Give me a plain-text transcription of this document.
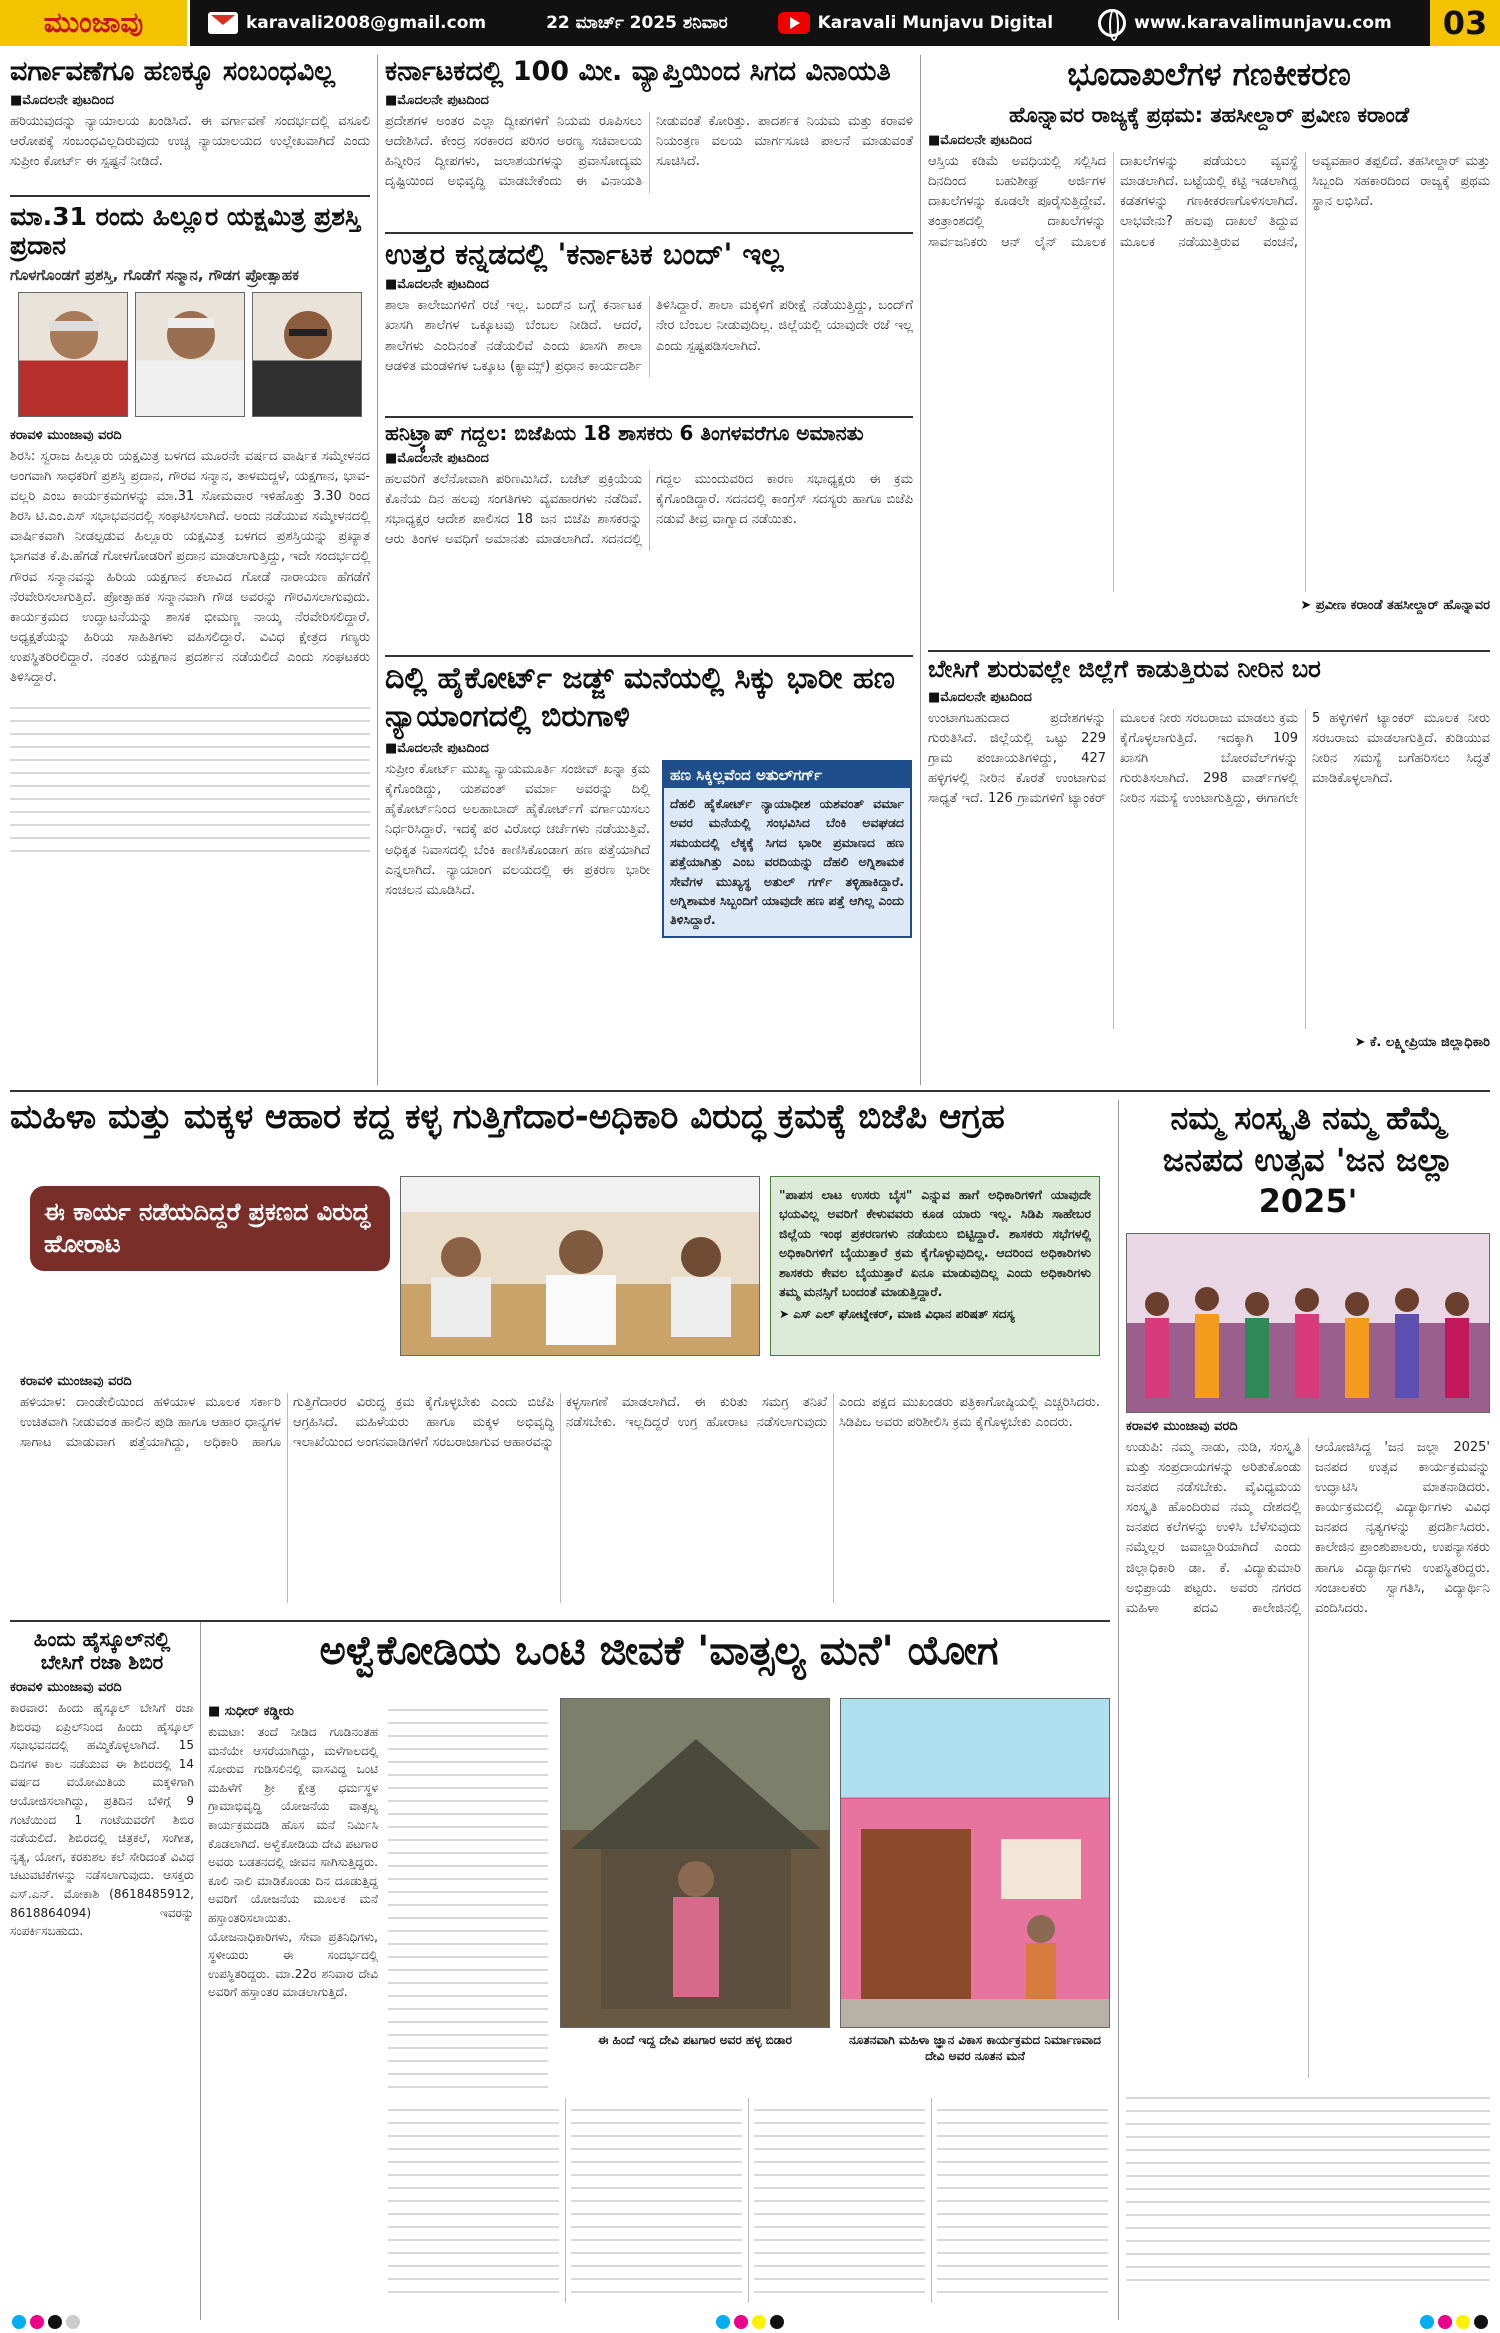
ಮುಂಜಾವು	karavali2008@gmail.com	22 ಮಾರ್ಚ್ 2025 ಶನಿವಾರ	Karavali Munjavu Digital	www.karavalimunjavu.com	03
ವರ್ಗಾವಣೆಗೂ ಹಣಕ್ಕೂ ಸಂಬಂಧವಿಲ್ಲ
■ಮೊದಲನೇ ಪುಟದಿಂದ
ಹರಿಯುವುದನ್ನು ನ್ಯಾಯಾಲಯ ಖಂಡಿಸಿದೆ. ಈ ವರ್ಗಾವಣೆ ಸಂದರ್ಭದಲ್ಲಿ ವಸೂಲಿ ಆರೋಪಕ್ಕೆ ಸಂಬಂಧವಿಲ್ಲದಿರುವುದು ಉಚ್ಚ ನ್ಯಾಯಾಲಯದ ಉಲ್ಲೇಖವಾಗಿದೆ ಎಂದು ಸುಪ್ರೀಂ ಕೋರ್ಟ್‌ ಈ ಸ್ಪಷ್ಟನೆ ನೀಡಿದೆ.
ಮಾ.31 ರಂದು ಹಿಲ್ಲೂರ ಯಕ್ಷಮಿತ್ರ ಪ್ರಶಸ್ತಿ ಪ್ರದಾನ
ಗೊಳಗೊಂಡಗೆ ಪ್ರಶಸ್ತಿ, ಗೊಡೆಗೆ ಸನ್ಮಾನ, ಗೌಡಗ ಪ್ರೋತ್ಸಾಹಕ
ಕರಾವಳಿ ಮುಂಜಾವು ವರದಿ
ಶಿರಸಿ: ಸ್ವರಾಜ ಹಿಲ್ಲೂರು ಯಕ್ಷಮಿತ್ರ ಬಳಗದ ಮೂರನೇ ವರ್ಷದ ವಾರ್ಷಿಕ ಸಮ್ಮೇಳನದ ಅಂಗವಾಗಿ ಸಾಧಕರಿಗೆ ಪ್ರಶಸ್ತಿ ಪ್ರದಾನ, ಗೌರವ ಸನ್ಮಾನ, ತಾಳಮದ್ದಳೆ, ಯಕ್ಷಗಾನ, ಭಾವ-ವಲ್ಲರಿ ಎಂಬ ಕಾರ್ಯಕ್ರಮಗಳನ್ನು ಮಾ.31 ಸೋಮವಾರ ಇಳಿಹೊತ್ತು 3.30 ರಿಂದ ಶಿರಸಿ ಟಿ.ಎಂ.ಎಸ್ ಸಭಾಭವನದಲ್ಲಿ ಸಂಘಟಿಸಲಾಗಿದೆ. ಅಂದು ನಡೆಯುವ ಸಮ್ಮೇಳನದಲ್ಲಿ ವಾರ್ಷಿಕವಾಗಿ ನೀಡಲ್ಪಡುವ ಹಿಲ್ಲೂರು ಯಕ್ಷಮಿತ್ರ ಬಳಗದ ಪ್ರಶಸ್ತಿಯನ್ನು ಪ್ರಖ್ಯಾತ ಭಾಗವತ ಕೆ.ಪಿ.ಹೆಗಡೆ ಗೋಳಗೋಡರಿಗೆ ಪ್ರದಾನ ಮಾಡಲಾಗುತ್ತಿದ್ದು, ಇದೇ ಸಂದರ್ಭದಲ್ಲಿ ಗೌರವ ಸನ್ಮಾನವನ್ನು ಹಿರಿಯ ಯಕ್ಷಗಾನ ಕಲಾವಿದ ಗೋಡೆ ನಾರಾಯಣ ಹೆಗಡೆಗೆ ನೆರವೇರಿಸಲಾಗುತ್ತಿದೆ. ಪ್ರೋತ್ಸಾಹಕ ಸನ್ಮಾನವಾಗಿ ಗೌಡ ಅವರನ್ನು ಗೌರವಿಸಲಾಗುವುದು. ಕಾರ್ಯಕ್ರಮದ ಉದ್ಘಾಟನೆಯನ್ನು ಶಾಸಕ ಭೀಮಣ್ಣ ನಾಯ್ಕ ನೆರವೇರಿಸಲಿದ್ದಾರೆ. ಅಧ್ಯಕ್ಷತೆಯನ್ನು ಹಿರಿಯ ಸಾಹಿತಿಗಳು ವಹಿಸಲಿದ್ದಾರೆ. ವಿವಿಧ ಕ್ಷೇತ್ರದ ಗಣ್ಯರು ಉಪಸ್ಥಿತರಿರಲಿದ್ದಾರೆ. ನಂತರ ಯಕ್ಷಗಾನ ಪ್ರದರ್ಶನ ನಡೆಯಲಿದೆ ಎಂದು ಸಂಘಟಕರು ತಿಳಿಸಿದ್ದಾರೆ.
ಕರ್ನಾಟಕದಲ್ಲಿ 100 ಮೀ. ವ್ಯಾಪ್ತಿಯಿಂದ ಸಿಗದ ವಿನಾಯತಿ
■ಮೊದಲನೇ ಪುಟದಿಂದ
ಪ್ರದೇಶಗಳ ಅಂತರ ಎಲ್ಲಾ ದ್ವೀಪಗಳಿಗೆ ನಿಯಮ ರೂಪಿಸಲು ಆದೇಶಿಸಿದೆ. ಕೇಂದ್ರ ಸರಕಾರದ ಪರಿಸರ ಅರಣ್ಯ ಸಚಿವಾಲಯ ಹಿನ್ನೀರಿನ ದ್ವೀಪಗಳು, ಜಲಾಶಯಗಳನ್ನು ಪ್ರವಾಸೋದ್ಯಮ ದೃಷ್ಟಿಯಿಂದ ಅಭಿವೃದ್ಧಿ ಮಾಡಬೇಕೆಂದು ಈ ವಿನಾಯತಿ ನೀಡುವಂತೆ ಕೋರಿತ್ತು. ಪಾದರ್ಶಕ ನಿಯಮ ಮತ್ತು ಕರಾವಳಿ ನಿಯಂತ್ರಣ ವಲಯ ಮಾರ್ಗಸೂಚಿ ಪಾಲನೆ ಮಾಡುವಂತೆ ಸೂಚಿಸಿದೆ.
ಉತ್ತರ ಕನ್ನಡದಲ್ಲಿ 'ಕರ್ನಾಟಕ ಬಂದ್' ಇಲ್ಲ
■ಮೊದಲನೇ ಪುಟದಿಂದ
ಶಾಲಾ ಕಾಲೇಜುಗಳಿಗೆ ರಜೆ ಇಲ್ಲ. ಬಂದ್‌ನ ಬಗ್ಗೆ ಕರ್ನಾಟಕ ಖಾಸಗಿ ಶಾಲೆಗಳ ಒಕ್ಕೂಟವು ಬೆಂಬಲ ನೀಡಿದೆ. ಆದರೆ, ಶಾಲೆಗಳು ಎಂದಿನಂತೆ ನಡೆಯಲಿವೆ ಎಂದು ಖಾಸಗಿ ಶಾಲಾ ಆಡಳಿತ ಮಂಡಳಿಗಳ ಒಕ್ಕೂಟ (ಕ್ಯಾಮ್ಸ್) ಪ್ರಧಾನ ಕಾರ್ಯದರ್ಶಿ ತಿಳಿಸಿದ್ದಾರೆ. ಶಾಲಾ ಮಕ್ಕಳಿಗೆ ಪರೀಕ್ಷೆ ನಡೆಯುತ್ತಿದ್ದು, ಬಂದ್‌ಗೆ ನೇರ ಬೆಂಬಲ ನೀಡುವುದಿಲ್ಲ. ಜಿಲ್ಲೆಯಲ್ಲಿ ಯಾವುದೇ ರಜೆ ಇಲ್ಲ ಎಂದು ಸ್ಪಷ್ಟಪಡಿಸಲಾಗಿದೆ.
ಹನಿಟ್ರ್ಯಾಪ್ ಗದ್ದಲ: ಬಿಜೆಪಿಯ 18 ಶಾಸಕರು 6 ತಿಂಗಳವರೆಗೂ ಅಮಾನತು
■ಮೊದಲನೇ ಪುಟದಿಂದ
ಹಲವರಿಗೆ ತಲೆನೋವಾಗಿ ಪರಿಣಮಿಸಿದೆ. ಬಜೆಟ್ ಪ್ರಕ್ರಿಯೆಯ ಕೊನೆಯ ದಿನ ಹಲವು ಸಂಗತಿಗಳು ವ್ಯವಹಾರಗಳು ನಡೆದಿವೆ. ಸಭಾಧ್ಯಕ್ಷರ ಆದೇಶ ಪಾಲಿಸದ 18 ಜನ ಬಿಜೆಪಿ ಶಾಸಕರನ್ನು ಆರು ತಿಂಗಳ ಅವಧಿಗೆ ಅಮಾನತು ಮಾಡಲಾಗಿದೆ. ಸದನದಲ್ಲಿ ಗದ್ದಲ ಮುಂದುವರಿದ ಕಾರಣ ಸಭಾಧ್ಯಕ್ಷರು ಈ ಕ್ರಮ ಕೈಗೊಂಡಿದ್ದಾರೆ. ಸದನದಲ್ಲಿ ಕಾಂಗ್ರೆಸ್ ಸದಸ್ಯರು ಹಾಗೂ ಬಿಜೆಪಿ ನಡುವೆ ತೀವ್ರ ವಾಗ್ವಾದ ನಡೆಯಿತು.
ದಿಲ್ಲಿ ಹೈಕೋರ್ಟ್‌ ಜಡ್ಜ್ ಮನೆಯಲ್ಲಿ ಸಿಕ್ಕು ಭಾರೀ ಹಣ ನ್ಯಾಯಾಂಗದಲ್ಲಿ ಬಿರುಗಾಳಿ
■ಮೊದಲನೇ ಪುಟದಿಂದ
ಸುಪ್ರೀಂ ಕೋರ್ಟ್ ಮುಖ್ಯ ನ್ಯಾಯಮೂರ್ತಿ ಸಂಜೀವ್ ಖನ್ನಾ ಕ್ರಮ ಕೈಗೊಂಡಿದ್ದು, ಯಶವಂತ್ ವರ್ಮಾ ಅವರನ್ನು ದಿಲ್ಲಿ ಹೈಕೋರ್ಟ್‌ನಿಂದ ಅಲಹಾಬಾದ್ ಹೈಕೋರ್ಟ್‌ಗೆ ವರ್ಗಾಯಿಸಲು ನಿರ್ಧರಿಸಿದ್ದಾರೆ. ಇದಕ್ಕೆ ಪರ ವಿರೋಧ ಚರ್ಚೆಗಳು ನಡೆಯುತ್ತಿವೆ. ಅಧಿಕೃತ ನಿವಾಸದಲ್ಲಿ ಬೆಂಕಿ ಕಾಣಿಸಿಕೊಂಡಾಗ ಹಣ ಪತ್ತೆಯಾಗಿದೆ ಎನ್ನಲಾಗಿದೆ. ನ್ಯಾಯಾಂಗ ವಲಯದಲ್ಲಿ ಈ ಪ್ರಕರಣ ಭಾರೀ ಸಂಚಲನ ಮೂಡಿಸಿದೆ.
ಹಣ ಸಿಕ್ಕಿಲ್ಲವೆಂದ ಅತುಲ್‌ಗರ್ಗ್
ದೆಹಲಿ ಹೈಕೋರ್ಟ್ ನ್ಯಾಯಾಧೀಶ ಯಶವಂತ್ ವರ್ಮಾ ಅವರ ಮನೆಯಲ್ಲಿ ಸಂಭವಿಸಿದ ಬೆಂಕಿ ಅವಘಡದ ಸಮಯದಲ್ಲಿ ಲೆಕ್ಕಕ್ಕೆ ಸಿಗದ ಭಾರೀ ಪ್ರಮಾಣದ ಹಣ ಪತ್ತೆಯಾಗಿತ್ತು ಎಂಬ ವರದಿಯನ್ನು ದೆಹಲಿ ಅಗ್ನಿಶಾಮಕ ಸೇವೆಗಳ ಮುಖ್ಯಸ್ಥ ಅತುಲ್ ಗರ್ಗ್ ತಳ್ಳಿಹಾಕಿದ್ದಾರೆ. ಅಗ್ನಿಶಾಮಕ ಸಿಬ್ಬಂದಿಗೆ ಯಾವುದೇ ಹಣ ಪತ್ತೆ ಆಗಿಲ್ಲ ಎಂದು ತಿಳಿಸಿದ್ದಾರೆ.
ಭೂದಾಖಲೆಗಳ ಗಣಕೀಕರಣ
ಹೊನ್ನಾವರ ರಾಜ್ಯಕ್ಕೆ ಪ್ರಥಮ: ತಹಸೀಲ್ದಾರ್ ಪ್ರವೀಣ ಕರಾಂಡೆ
■ಮೊದಲನೇ ಪುಟದಿಂದ
ಆಸ್ತಿಯ ಕಡಿಮೆ ಅವಧಿಯಲ್ಲಿ ಸಲ್ಲಿಸಿದ ದಿನದಿಂದ ಬಹುಶೀಘ್ರ ಅರ್ಜಿಗಳ ದಾಖಲೆಗಳನ್ನು ಕೂಡಲೇ ಪೂರೈಸುತ್ತಿದ್ದೇವೆ. ತಂತ್ರಾಂಶದಲ್ಲಿ ದಾಖಲೆಗಳನ್ನು ಸಾರ್ವಜನಿಕರು ಆನ್ ಲೈನ್ ಮೂಲಕ ದಾಖಲೆಗಳನ್ನು ಪಡೆಯಲು ವ್ಯವಸ್ಥೆ ಮಾಡಲಾಗಿದೆ. ಬಟ್ಟೆಯಲ್ಲಿ ಕಟ್ಟಿ ಇಡಲಾಗಿದ್ದ ಕಡತಗಳನ್ನು ಗಣಕೀಕರಣಗೊಳಿಸಲಾಗಿದೆ. ಲಾಭವೇನು? ಹಲವು ದಾಖಲೆ ತಿದ್ದುವ ಮೂಲಕ ನಡೆಯುತ್ತಿರುವ ವಂಚನೆ, ಅವ್ಯವಹಾರ ತಪ್ಪಲಿದೆ. ತಹಸೀಲ್ದಾರ್ ಮತ್ತು ಸಿಬ್ಬಂದಿ ಸಹಕಾರದಿಂದ ರಾಜ್ಯಕ್ಕೆ ಪ್ರಥಮ ಸ್ಥಾನ ಲಭಿಸಿದೆ.
➤ ಪ್ರವೀಣ ಕರಾಂಡೆ ತಹಸೀಲ್ದಾರ್ ಹೊನ್ನಾವರ
ಬೇಸಿಗೆ ಶುರುವಲ್ಲೇ ಜಿಲ್ಲೆಗೆ ಕಾಡುತ್ತಿರುವ ನೀರಿನ ಬರ
■ಮೊದಲನೇ ಪುಟದಿಂದ
ಉಂಟಾಗಬಹುದಾದ ಪ್ರದೇಶಗಳನ್ನು ಗುರುತಿಸಿದೆ. ಜಿಲ್ಲೆಯಲ್ಲಿ ಒಟ್ಟು 229 ಗ್ರಾಮ ಪಂಚಾಯತಿಗಳಿದ್ದು, 427 ಹಳ್ಳಿಗಳಲ್ಲಿ ನೀರಿನ ಕೊರತೆ ಉಂಟಾಗುವ ಸಾಧ್ಯತೆ ಇದೆ. 126 ಗ್ರಾಮಗಳಿಗೆ ಟ್ಯಾಂಕರ್ ಮೂಲಕ ನೀರು ಸರಬರಾಜು ಮಾಡಲು ಕ್ರಮ ಕೈಗೊಳ್ಳಲಾಗುತ್ತಿದೆ. ಇದಕ್ಕಾಗಿ 109 ಖಾಸಗಿ ಬೋರವೆಲ್‌ಗಳನ್ನು ಗುರುತಿಸಲಾಗಿದೆ. 298 ವಾರ್ಡ್‌ಗಳಲ್ಲಿ ನೀರಿನ ಸಮಸ್ಯೆ ಉಂಟಾಗುತ್ತಿದ್ದು, ಈಗಾಗಲೇ 5 ಹಳ್ಳಿಗಳಿಗೆ ಟ್ಯಾಂಕರ್ ಮೂಲಕ ನೀರು ಸರಬರಾಜು ಮಾಡಲಾಗುತ್ತಿದೆ. ಕುಡಿಯುವ ನೀರಿನ ಸಮಸ್ಯೆ ಬಗೆಹರಿಸಲು ಸಿದ್ಧತೆ ಮಾಡಿಕೊಳ್ಳಲಾಗಿದೆ.
➤ ಕೆ. ಲಕ್ಷ್ಮೀಪ್ರಿಯಾ ಜಿಲ್ಲಾಧಿಕಾರಿ
ಮಹಿಳಾ ಮತ್ತು ಮಕ್ಕಳ ಆಹಾರ ಕದ್ದ ಕಳ್ಳ ಗುತ್ತಿಗೆದಾರ-ಅಧಿಕಾರಿ ವಿರುದ್ಧ ಕ್ರಮಕ್ಕೆ ಬಿಜೆಪಿ ಆಗ್ರಹ
ಈ ಕಾರ್ಯ ನಡೆಯದಿದ್ದರೆ ಪ್ರಕಣದ ವಿರುದ್ಧ ಹೋರಾಟ
"ಪಾಪಸ ಲಾಟ ಉಸರು ಬೈಸ" ಎನ್ನುವ ಹಾಗೆ ಅಧಿಕಾರಿಗಳಿಗೆ ಯಾವುದೇ ಭಯವಿಲ್ಲ ಅವರಿಗೆ ಕೇಳುವವರು ಕೂಡ ಯಾರು ಇಲ್ಲ. ಸಿಡಿಪಿ ಸಾಹೇಬರ ಜಿಲ್ಲೆಯ ಇಂಥ ಪ್ರಕರಣಗಳು ನಡೆಯಲು ಬಿಟ್ಟಿದ್ದಾರೆ. ಶಾಸಕರು ಸಭೆಗಳಲ್ಲಿ ಅಧಿಕಾರಿಗಳಿಗೆ ಬೈಯುತ್ತಾರೆ ಕ್ರಮ ಕೈಗೊಳ್ಳುವುದಿಲ್ಲ. ಆದರಿಂದ ಅಧಿಕಾರಿಗಳು ಶಾಸಕರು ಕೇವಲ ಬೈಯುತ್ತಾರೆ ಏನೂ ಮಾಡುವುದಿಲ್ಲ ಎಂದು ಅಧಿಕಾರಿಗಳು ತಮ್ಮ ಮನಸ್ಸಿಗೆ ಬಂದಂತೆ ಮಾಡುತ್ತಿದ್ದಾರೆ.
➤ ಎಸ್ ಎಲ್ ಘೋಟ್ನೇಕರ್, ಮಾಜಿ ವಿಧಾನ ಪರಿಷತ್ ಸದಸ್ಯ
ಕರಾವಳಿ ಮುಂಜಾವು ವರದಿ
ಹಳಿಯಾಳ: ದಾಂಡೇಲಿಯಿಂದ ಹಳಿಯಾಳ ಮೂಲಕ ಸರ್ಕಾರಿ ಉಚಿತವಾಗಿ ನೀಡುವಂತ ಹಾಲಿನ ಪುಡಿ ಹಾಗೂ ಆಹಾರ ಧಾನ್ಯಗಳ ಸಾಗಾಟ ಮಾಡುವಾಗ ಪತ್ತೆಯಾಗಿದ್ದು, ಅಧಿಕಾರಿ ಹಾಗೂ ಗುತ್ತಿಗೆದಾರರ ವಿರುದ್ಧ ಕ್ರಮ ಕೈಗೊಳ್ಳಬೇಕು ಎಂದು ಬಿಜೆಪಿ ಆಗ್ರಹಿಸಿದೆ. ಮಹಿಳೆಯರು ಹಾಗೂ ಮಕ್ಕಳ ಅಭಿವೃದ್ಧಿ ಇಲಾಖೆಯಿಂದ ಅಂಗನವಾಡಿಗಳಿಗೆ ಸರಬರಾಜಾಗುವ ಆಹಾರವನ್ನು ಕಳ್ಳಸಾಗಣೆ ಮಾಡಲಾಗಿದೆ. ಈ ಕುರಿತು ಸಮಗ್ರ ತನಿಖೆ ನಡೆಸಬೇಕು. ಇಲ್ಲದಿದ್ದರೆ ಉಗ್ರ ಹೋರಾಟ ನಡೆಸಲಾಗುವುದು ಎಂದು ಪಕ್ಷದ ಮುಖಂಡರು ಪತ್ರಿಕಾಗೋಷ್ಠಿಯಲ್ಲಿ ಎಚ್ಚರಿಸಿದರು. ಸಿಡಿಪಿಒ ಅವರು ಪರಿಶೀಲಿಸಿ ಕ್ರಮ ಕೈಗೊಳ್ಳಬೇಕು ಎಂದರು.
ನಮ್ಮ ಸಂಸ್ಕೃತಿ ನಮ್ಮ ಹೆಮ್ಮೆ ಜನಪದ ಉತ್ಸವ 'ಜನ ಜಲ್ಲಾ 2025'
ಕರಾವಳಿ ಮುಂಜಾವು ವರದಿ
ಉಡುಪಿ: ನಮ್ಮ ನಾಡು, ನುಡಿ, ಸಂಸ್ಕೃತಿ ಮತ್ತು ಸಂಪ್ರದಾಯಗಳನ್ನು ಅರಿತುಕೊಂಡು ಜನಪದ ನಡೆಸಬೇಕು. ವೈವಿಧ್ಯಮಯ ಸಂಸ್ಕೃತಿ ಹೊಂದಿರುವ ನಮ್ಮ ದೇಶದಲ್ಲಿ ಜನಪದ ಕಲೆಗಳನ್ನು ಉಳಿಸಿ ಬೆಳೆಸುವುದು ನಮ್ಮೆಲ್ಲರ ಜವಾಬ್ದಾರಿಯಾಗಿದೆ ಎಂದು ಜಿಲ್ಲಾಧಿಕಾರಿ ಡಾ. ಕೆ. ವಿದ್ಯಾಕುಮಾರಿ ಅಭಿಪ್ರಾಯ ಪಟ್ಟರು. ಅವರು ನಗರದ ಮಹಿಳಾ ಪದವಿ ಕಾಲೇಜಿನಲ್ಲಿ ಆಯೋಜಿಸಿದ್ದ 'ಜನ ಜಲ್ಲಾ 2025' ಜನಪದ ಉತ್ಸವ ಕಾರ್ಯಕ್ರಮವನ್ನು ಉದ್ಘಾಟಿಸಿ ಮಾತನಾಡಿದರು. ಕಾರ್ಯಕ್ರಮದಲ್ಲಿ ವಿದ್ಯಾರ್ಥಿಗಳು ವಿವಿಧ ಜನಪದ ನೃತ್ಯಗಳನ್ನು ಪ್ರದರ್ಶಿಸಿದರು. ಕಾಲೇಜಿನ ಪ್ರಾಂಶುಪಾಲರು, ಉಪನ್ಯಾಸಕರು ಹಾಗೂ ವಿದ್ಯಾರ್ಥಿಗಳು ಉಪಸ್ಥಿತರಿದ್ದರು. ಸಂಚಾಲಕರು ಸ್ವಾಗತಿಸಿ, ವಿದ್ಯಾರ್ಥಿನಿ ವಂದಿಸಿದರು.
ಹಿಂದು ಹೈಸ್ಕೂಲ್‌ನಲ್ಲಿ ಬೇಸಿಗೆ ರಜಾ ಶಿಬಿರ
ಕರಾವಳಿ ಮುಂಜಾವು ವರದಿ
ಕಾರವಾರ: ಹಿಂದು ಹೈಸ್ಕೂಲ್ ಬೇಸಿಗೆ ರಜಾ ಶಿಬಿರವು ಏಪ್ರಿಲ್‌ನಿಂದ ಹಿಂದು ಹೈಸ್ಕೂಲ್ ಸಭಾಭವನದಲ್ಲಿ ಹಮ್ಮಿಕೊಳ್ಳಲಾಗಿದೆ. 15 ದಿನಗಳ ಕಾಲ ನಡೆಯುವ ಈ ಶಿಬಿರದಲ್ಲಿ 14 ವರ್ಷದ ವಯೋಮಿತಿಯ ಮಕ್ಕಳಿಗಾಗಿ ಆಯೋಜಿಸಲಾಗಿದ್ದು, ಪ್ರತಿದಿನ ಬೆಳಿಗ್ಗೆ 9 ಗಂಟೆಯಿಂದ 1 ಗಂಟೆಯವರೆಗೆ ಶಿಬಿರ ನಡೆಯಲಿದೆ. ಶಿಬಿರದಲ್ಲಿ ಚಿತ್ರಕಲೆ, ಸಂಗೀತ, ನೃತ್ಯ, ಯೋಗ, ಕರಕುಶಲ ಕಲೆ ಸೇರಿದಂತೆ ವಿವಿಧ ಚಟುವಟಿಕೆಗಳನ್ನು ನಡೆಸಲಾಗುವುದು. ಆಸಕ್ತರು ಎಸ್.ಎನ್. ಮೋಕಾಶಿ (8618485912, 8618864094) ಇವರನ್ನು ಸಂಪರ್ಕಿಸಬಹುದು.
ಅಳ್ವೆಕೋಡಿಯ ಒಂಟಿ ಜೀವಕೆ 'ವಾತ್ಸಲ್ಯ ಮನೆ' ಯೋಗ
■ ಸುಧೀರ್ ಕಡ್ಡೀರು
ಕುಮಟಾ: ತಂದೆ ನೀಡಿದ ಗೂಡಿನಂತಹ ಮನೆಯೇ ಆಸರೆಯಾಗಿದ್ದು, ಮಳೆಗಾಲದಲ್ಲಿ ಸೋರುವ ಗುಡಿಸಲಿನಲ್ಲಿ ವಾಸವಿದ್ದ ಒಂಟಿ ಮಹಿಳೆಗೆ ಶ್ರೀ ಕ್ಷೇತ್ರ ಧರ್ಮಸ್ಥಳ ಗ್ರಾಮಾಭಿವೃದ್ಧಿ ಯೋಜನೆಯ ವಾತ್ಸಲ್ಯ ಕಾರ್ಯಕ್ರಮದಡಿ ಹೊಸ ಮನೆ ನಿರ್ಮಿಸಿ ಕೊಡಲಾಗಿದೆ. ಅಳ್ವೆಕೋಡಿಯ ದೇವಿ ಪಟಗಾರ ಅವರು ಬಡತನದಲ್ಲಿ ಜೀವನ ಸಾಗಿಸುತ್ತಿದ್ದರು. ಕೂಲಿ ನಾಲಿ ಮಾಡಿಕೊಂಡು ದಿನ ದೂಡುತ್ತಿದ್ದ ಅವರಿಗೆ ಯೋಜನೆಯ ಮೂಲಕ ಮನೆ ಹಸ್ತಾಂತರಿಸಲಾಯಿತು. ಯೋಜನಾಧಿಕಾರಿಗಳು, ಸೇವಾ ಪ್ರತಿನಿಧಿಗಳು, ಸ್ಥಳೀಯರು ಈ ಸಂದರ್ಭದಲ್ಲಿ ಉಪಸ್ಥಿತರಿದ್ದರು. ಮಾ.22ರ ಶನಿವಾರ ದೇವಿ ಅವರಿಗೆ ಹಸ್ತಾಂತರ ಮಾಡಲಾಗುತ್ತಿದೆ.
ಈ ಹಿಂದೆ ಇದ್ದ ದೇವಿ ಪಟಗಾರ ಅವರ ಹಳ್ಳ ಬಿಡಾರ	ನೂತನವಾಗಿ ಮಹಿಳಾ ಜ್ಞಾನ ವಿಕಾಸ ಕಾರ್ಯಕ್ರಮದ ನಿರ್ಮಾಣವಾದ ದೇವಿ ಅವರ ನೂತನ ಮನೆ
